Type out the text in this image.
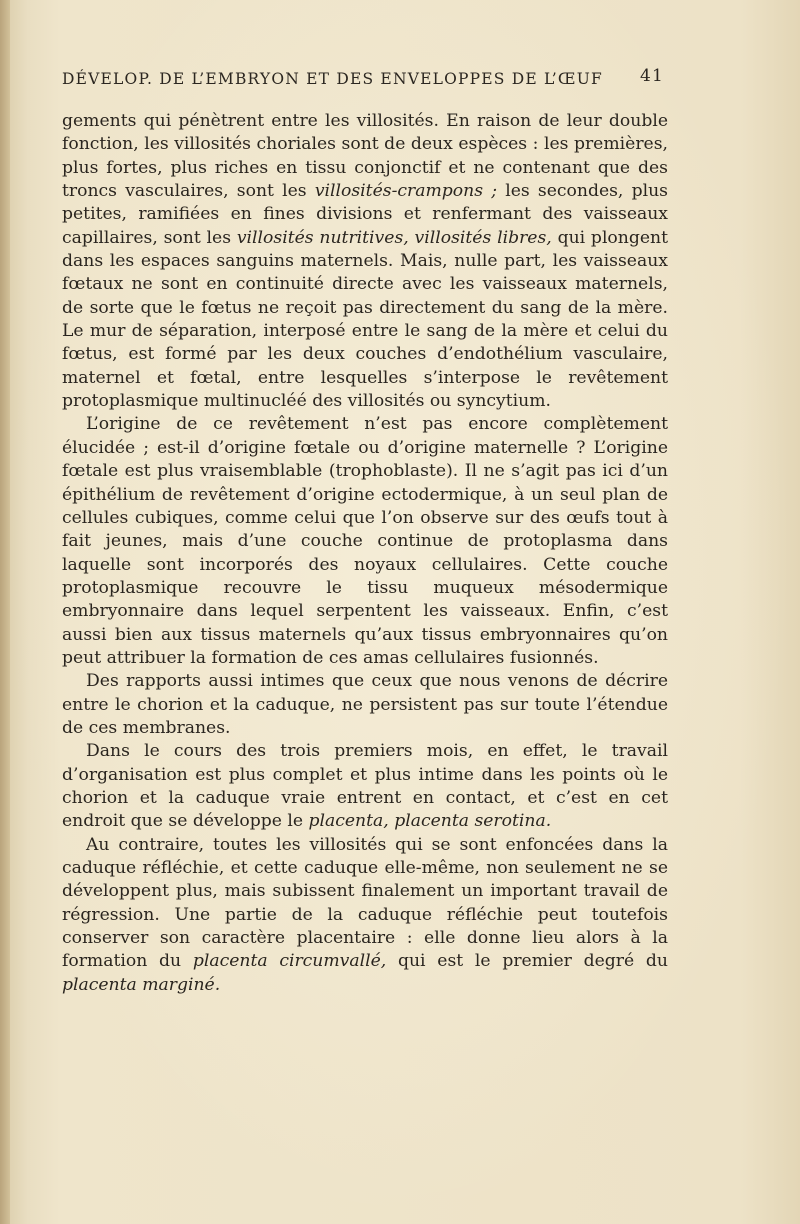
DÉVELOP. DE L’EMBRYON ET DES ENVELOPPES DE L’ŒUF 41

gements qui pénètrent entre les villosités. En raison de leur double fonction, les villosités choriales sont de deux espèces : les premières, plus fortes, plus riches en tissu conjonctif et ne contenant que des troncs vasculaires, sont les villosités-crampons ; les secondes, plus petites, ramifiées en fines divisions et renfermant des vaisseaux capillaires, sont les villosités nutritives, villosités libres, qui plongent dans les espaces sanguins maternels. Mais, nulle part, les vaisseaux fœtaux ne sont en continuité directe avec les vaisseaux maternels, de sorte que le fœtus ne reçoit pas directement du sang de la mère. Le mur de séparation, interposé entre le sang de la mère et celui du fœtus, est formé par les deux couches d’endothélium vasculaire, maternel et fœtal, entre lesquelles s’interpose le revêtement protoplasmique multinucléé des villosités ou syncytium.

L’origine de ce revêtement n’est pas encore complètement élucidée ; est-il d’origine fœtale ou d’origine maternelle ? L’origine fœtale est plus vraisemblable (trophoblaste). Il ne s’agit pas ici d’un épithélium de revêtement d’origine ectodermique, à un seul plan de cellules cubiques, comme celui que l’on observe sur des œufs tout à fait jeunes, mais d’une couche continue de protoplasma dans laquelle sont incorporés des noyaux cellulaires. Cette couche protoplasmique recouvre le tissu muqueux mésodermique embryonnaire dans lequel serpentent les vaisseaux. Enfin, c’est aussi bien aux tissus maternels qu’aux tissus embryonnaires qu’on peut attribuer la formation de ces amas cellulaires fusionnés.

Des rapports aussi intimes que ceux que nous venons de décrire entre le chorion et la caduque, ne persistent pas sur toute l’étendue de ces membranes.

Dans le cours des trois premiers mois, en effet, le travail d’organisation est plus complet et plus intime dans les points où le chorion et la caduque vraie entrent en contact, et c’est en cet endroit que se développe le placenta, placenta serotina.

Au contraire, toutes les villosités qui se sont enfoncées dans la caduque réfléchie, et cette caduque elle-même, non seulement ne se développent plus, mais subissent finalement un important travail de régression. Une partie de la caduque réfléchie peut toutefois conserver son caractère placentaire : elle donne lieu alors à la formation du placenta circumvallé, qui est le premier degré du placenta marginé.
